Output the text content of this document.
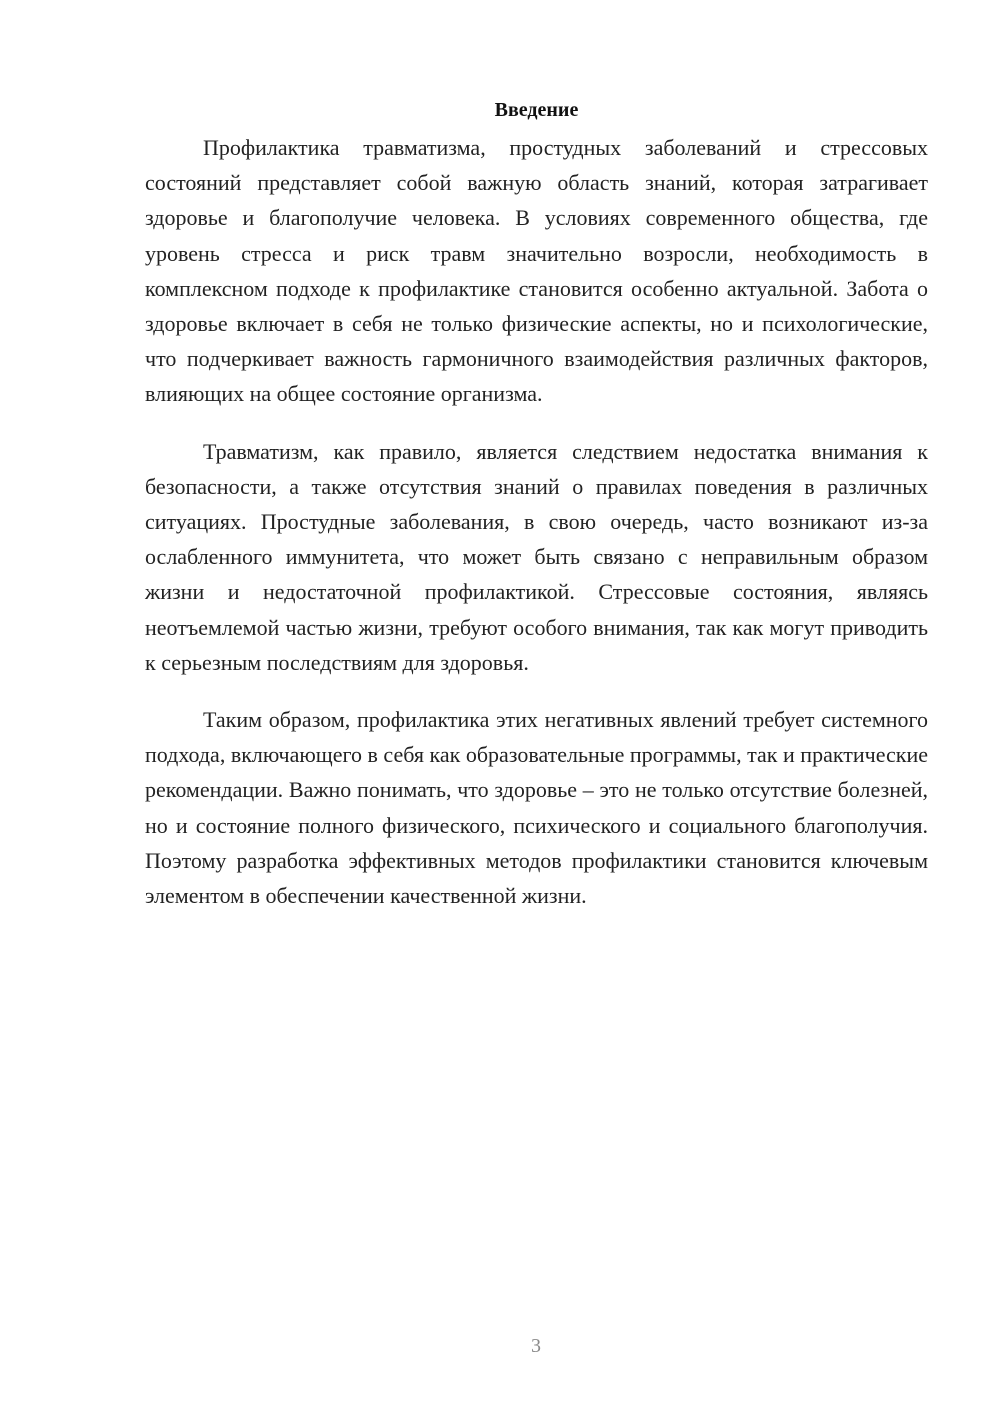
Введение

Профилактика травматизма, простудных заболеваний и стрессовых состояний представляет собой важную область знаний, которая затрагивает здоровье и благополучие человека. В условиях современного общества, где уровень стресса и риск травм значительно возросли, необходимость в комплексном подходе к профилактике становится особенно актуальной. Забота о здоровье включает в себя не только физические аспекты, но и психологические, что подчеркивает важность гармоничного взаимодействия различных факторов, влияющих на общее состояние организма.

Травматизм, как правило, является следствием недостатка внимания к безопасности, а также отсутствия знаний о правилах поведения в различных ситуациях. Простудные заболевания, в свою очередь, часто возникают из-за ослабленного иммунитета, что может быть связано с неправильным образом жизни и недостаточной профилактикой. Стрессовые состояния, являясь неотъемлемой частью жизни, требуют особого внимания, так как могут приводить к серьезным последствиям для здоровья.

Таким образом, профилактика этих негативных явлений требует системного подхода, включающего в себя как образовательные программы, так и практические рекомендации. Важно понимать, что здоровье – это не только отсутствие болезней, но и состояние полного физического, психического и социального благополучия. Поэтому разработка эффективных методов профилактики становится ключевым элементом в обеспечении качественной жизни.

3
